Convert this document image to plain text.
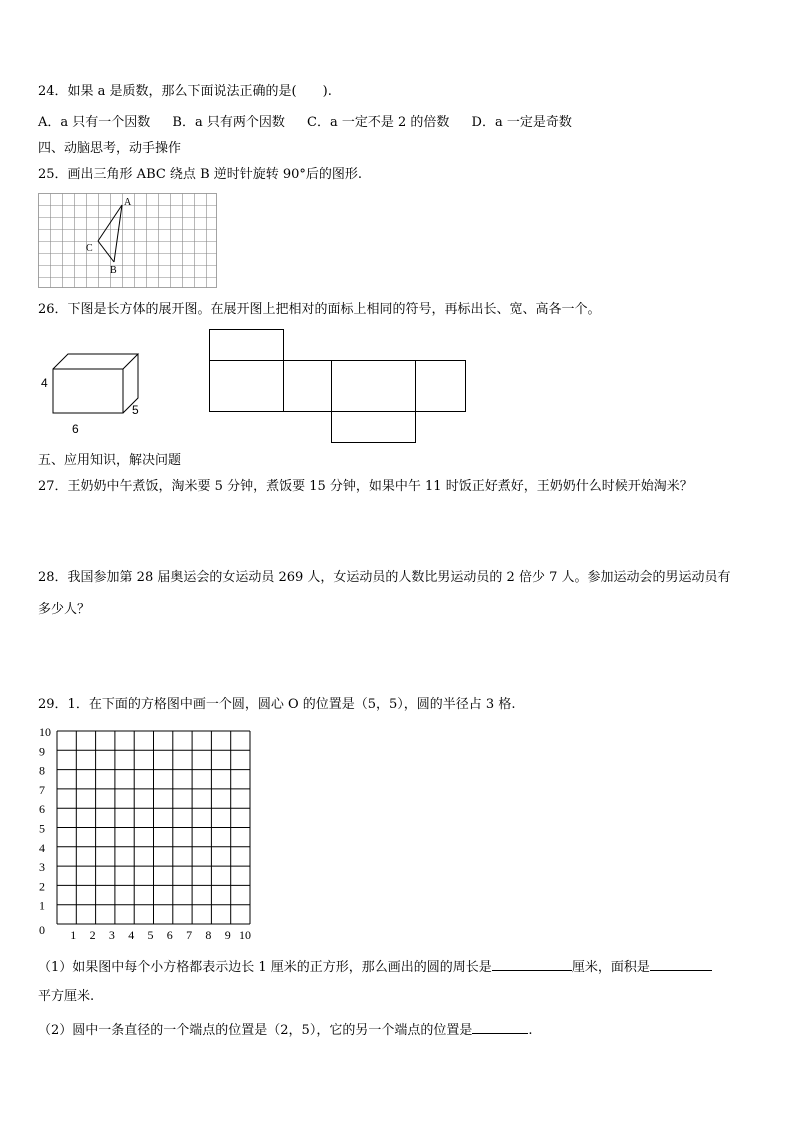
24．如果 a 是质数，那么下面说法正确的是(　　).
A．a 只有一个因数 B．a 只有两个因数 C．a 一定不是 2 的倍数 D．a 一定是奇数
四、动脑思考，动手操作
25．画出三角形 ABC 绕点 B 逆时针旋转 90°后的图形.
A
B
C
26．下图是长方体的展开图。在展开图上把相对的面标上相同的符号，再标出长、宽、高各一个。
4
5
6
五、应用知识，解决问题
27．王奶奶中午煮饭，淘米要 5 分钟，煮饭要 15 分钟，如果中午 11 时饭正好煮好，王奶奶什么时候开始淘米？
28．我国参加第 28 届奥运会的女运动员 269 人，女运动员的人数比男运动员的 2 倍少 7 人。参加运动会的男运动员有
多少人？
29．1．在下面的方格图中画一个圆，圆心 O 的位置是（5，5），圆的半径占 3 格.
10
9
8
7
6
5
4
3
2
1
0 1 2 3 4 5 6 7 8 9 10
（1）如果图中每个小方格都表示边长 1 厘米的正方形，那么画出的圆的周长是	厘米，面积是
平方厘米.
（2）圆中一条直径的一个端点的位置是（2，5），它的另一个端点的位置是	.
